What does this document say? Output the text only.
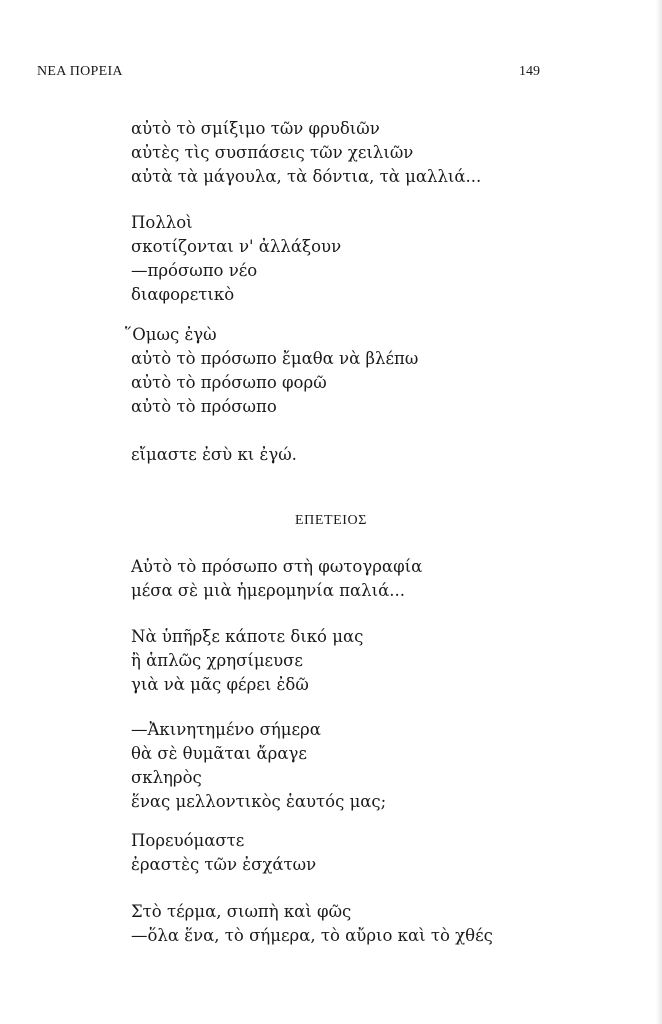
ΝΕΑ ΠΟΡΕΙΑ	149
αὐτὸ τὸ σμίξιμο τῶν φρυδιῶν
αὐτὲς τὶς συσπάσεις τῶν χειλιῶν
αὐτὰ τὰ μάγουλα, τὰ δόντια, τὰ μαλλιά...
Πολλοὶ
σκοτίζονται ν' ἀλλάξουν
—πρόσωπο νέο
διαφορετικὸ
῞Ομως ἐγὼ
αὐτὸ τὸ πρόσωπο ἔμαθα νὰ βλέπω
αὐτὸ τὸ πρόσωπο φορῶ
αὐτὸ τὸ πρόσωπο
εἴμαστε ἐσὺ κι ἐγώ.
ΕΠΕΤΕΙΟΣ
Αὐτὸ τὸ πρόσωπο στὴ φωτογραφία
μέσα σὲ μιὰ ἡμερομηνία παλιά...
Νὰ ὑπῆρξε κάποτε δικό μας
ἢ ἁπλῶς χρησίμευσε
γιὰ νὰ μᾶς φέρει ἐδῶ
—Ἀκινητημένο σήμερα
θὰ σὲ θυμᾶται ἄραγε
σκληρὸς
ἕνας μελλοντικὸς ἑαυτός μας;
Πορευόμαστε
ἐραστὲς τῶν ἐσχάτων
Στὸ τέρμα, σιωπὴ καὶ φῶς
—ὅλα ἕνα, τὸ σήμερα, τὸ αὔριο καὶ τὸ χθές
